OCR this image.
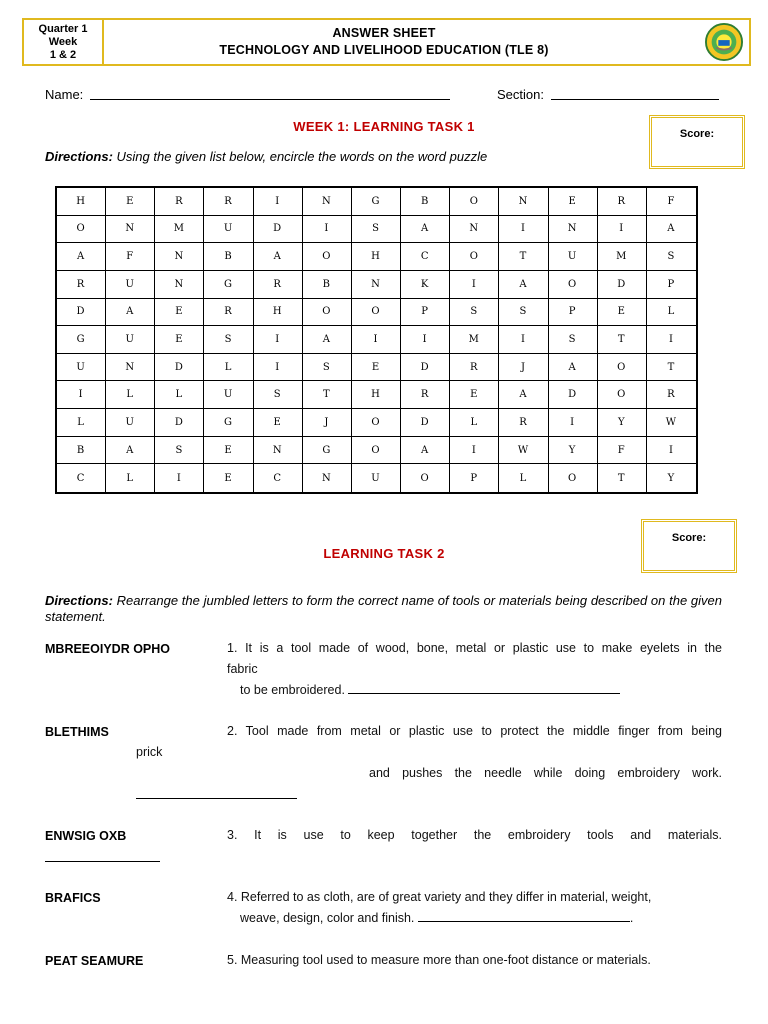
Quarter 1
Week
1 & 2
ANSWER SHEET
TECHNOLOGY AND LIVELIHOOD EDUCATION (TLE 8)
Name:	Section:
WEEK 1: LEARNING TASK 1	Score:
Directions: Using the given list below, encircle the words on the word puzzle
H	E	R	R	I	N	G	B	O	N	E	R	F
O	N	M	U	D	I	S	A	N	I	N	I	A
A	F	N	B	A	O	H	C	O	T	U	M	S
R	U	N	G	R	B	N	K	I	A	O	D	P
D	A	E	R	H	O	O	P	S	S	P	E	L
G	U	E	S	I	A	I	I	M	I	S	T	I
U	N	D	L	I	S	E	D	R	J	A	O	T
I	L	L	U	S	T	H	R	E	A	D	O	R
L	U	D	G	E	J	O	D	L	R	I	Y	W
B	A	S	E	N	G	O	A	I	W	Y	F	I
C	L	I	E	C	N	U	O	P	L	O	T	Y
LEARNING TASK 2
Score:
Directions: Rearrange the jumbled letters to form the correct name of tools or materials being described on the given statement.
MBREEOIYDR OPHO	1. It is a tool made of wood, bone, metal or plastic use to make eyelets in the
fabric
to be embroidered.
BLETHIMS	2. Tool made from metal or plastic use to protect the middle finger from being
prick
and pushes the needle while doing embroidery work.
ENWSIG OXB	3. It is use to keep together the embroidery tools and materials.
BRAFICS	4. Referred to as cloth, are of great variety and they differ in material, weight,
weave, design, color and finish.	.
PEAT SEAMURE	5. Measuring tool used to measure more than one-foot distance or materials.
